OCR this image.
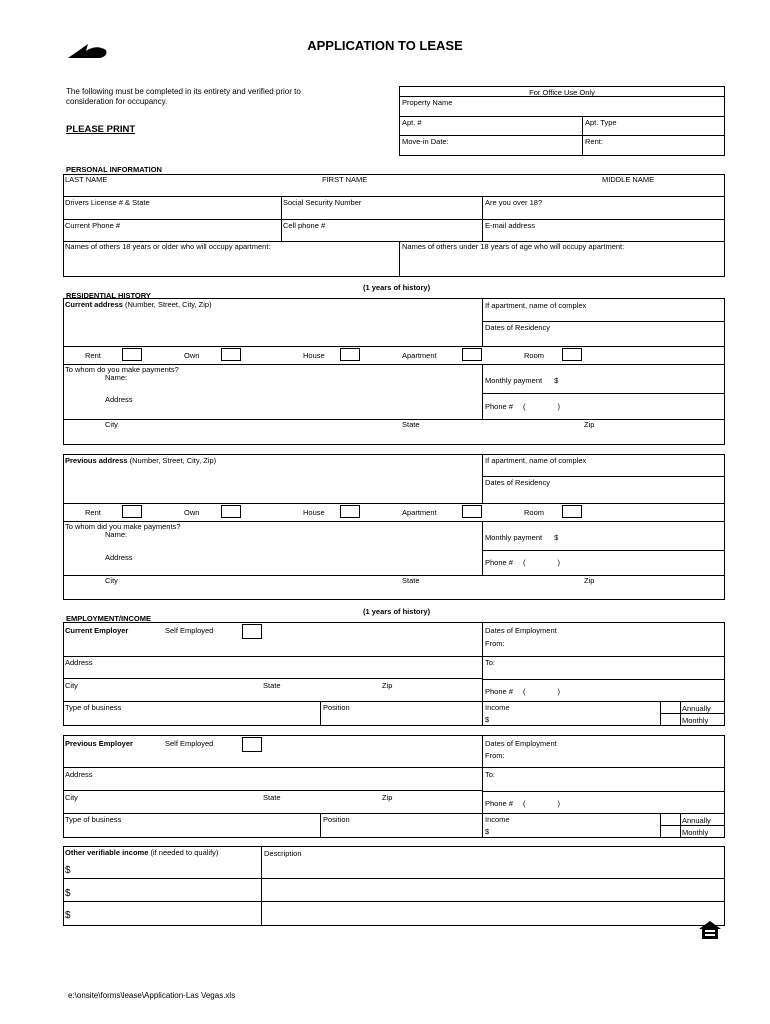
APPLICATION TO LEASE
The following must be completed in its entirety and verified prior to consideration for occupancy.
PLEASE PRINT
For Office Use Only
Property Name
Apt. #	Apt. Type
Move-in Date:	Rent:
PERSONAL INFORMATION
LAST NAME	FIRST NAME	MIDDLE NAME
Drivers License # & State	Social Security Number	Are you over 18?
Current Phone #	Cell phone #	E-mail address
Names of others 18 years or older who will occupy apartment:	Names of others under 18 years of age who will occupy apartment:
(1 years of history)
RESIDENTIAL HISTORY
Current address (Number, Street, City, Zip)	If apartment, name of complex
Dates of Residency
Rent	Own	House	Apartment	Room
To whom do you make payments?
Name:	Monthly payment $
Address
Phone # (	)
City	State	Zip
Previous address (Number, Street, City, Zip)	If apartment, name of complex
Dates of Residency
Rent	Own	House	Apartment	Room
To whom did you make payments?
Name:	Monthly payment $
Address
Phone # (	)
City	State	Zip
(1 years of history)
EMPLOYMENT/INCOME
Current Employer	Self Employed	Dates of Employment
From:
Address	To:
City	State	Zip
Phone # (	)
Type of business	Position	Income
$
Annually
Monthly
Previous Employer	Self Employed	Dates of Employment
From:
Address	To:
City	State	Zip
Phone # (	)
Type of business	Position	Income
$
Annually
Monthly
Other verifiable income (if needed to qualify)	Description
$
$
$
e:\onsite\forms\lease\Application-Las Vegas.xls
